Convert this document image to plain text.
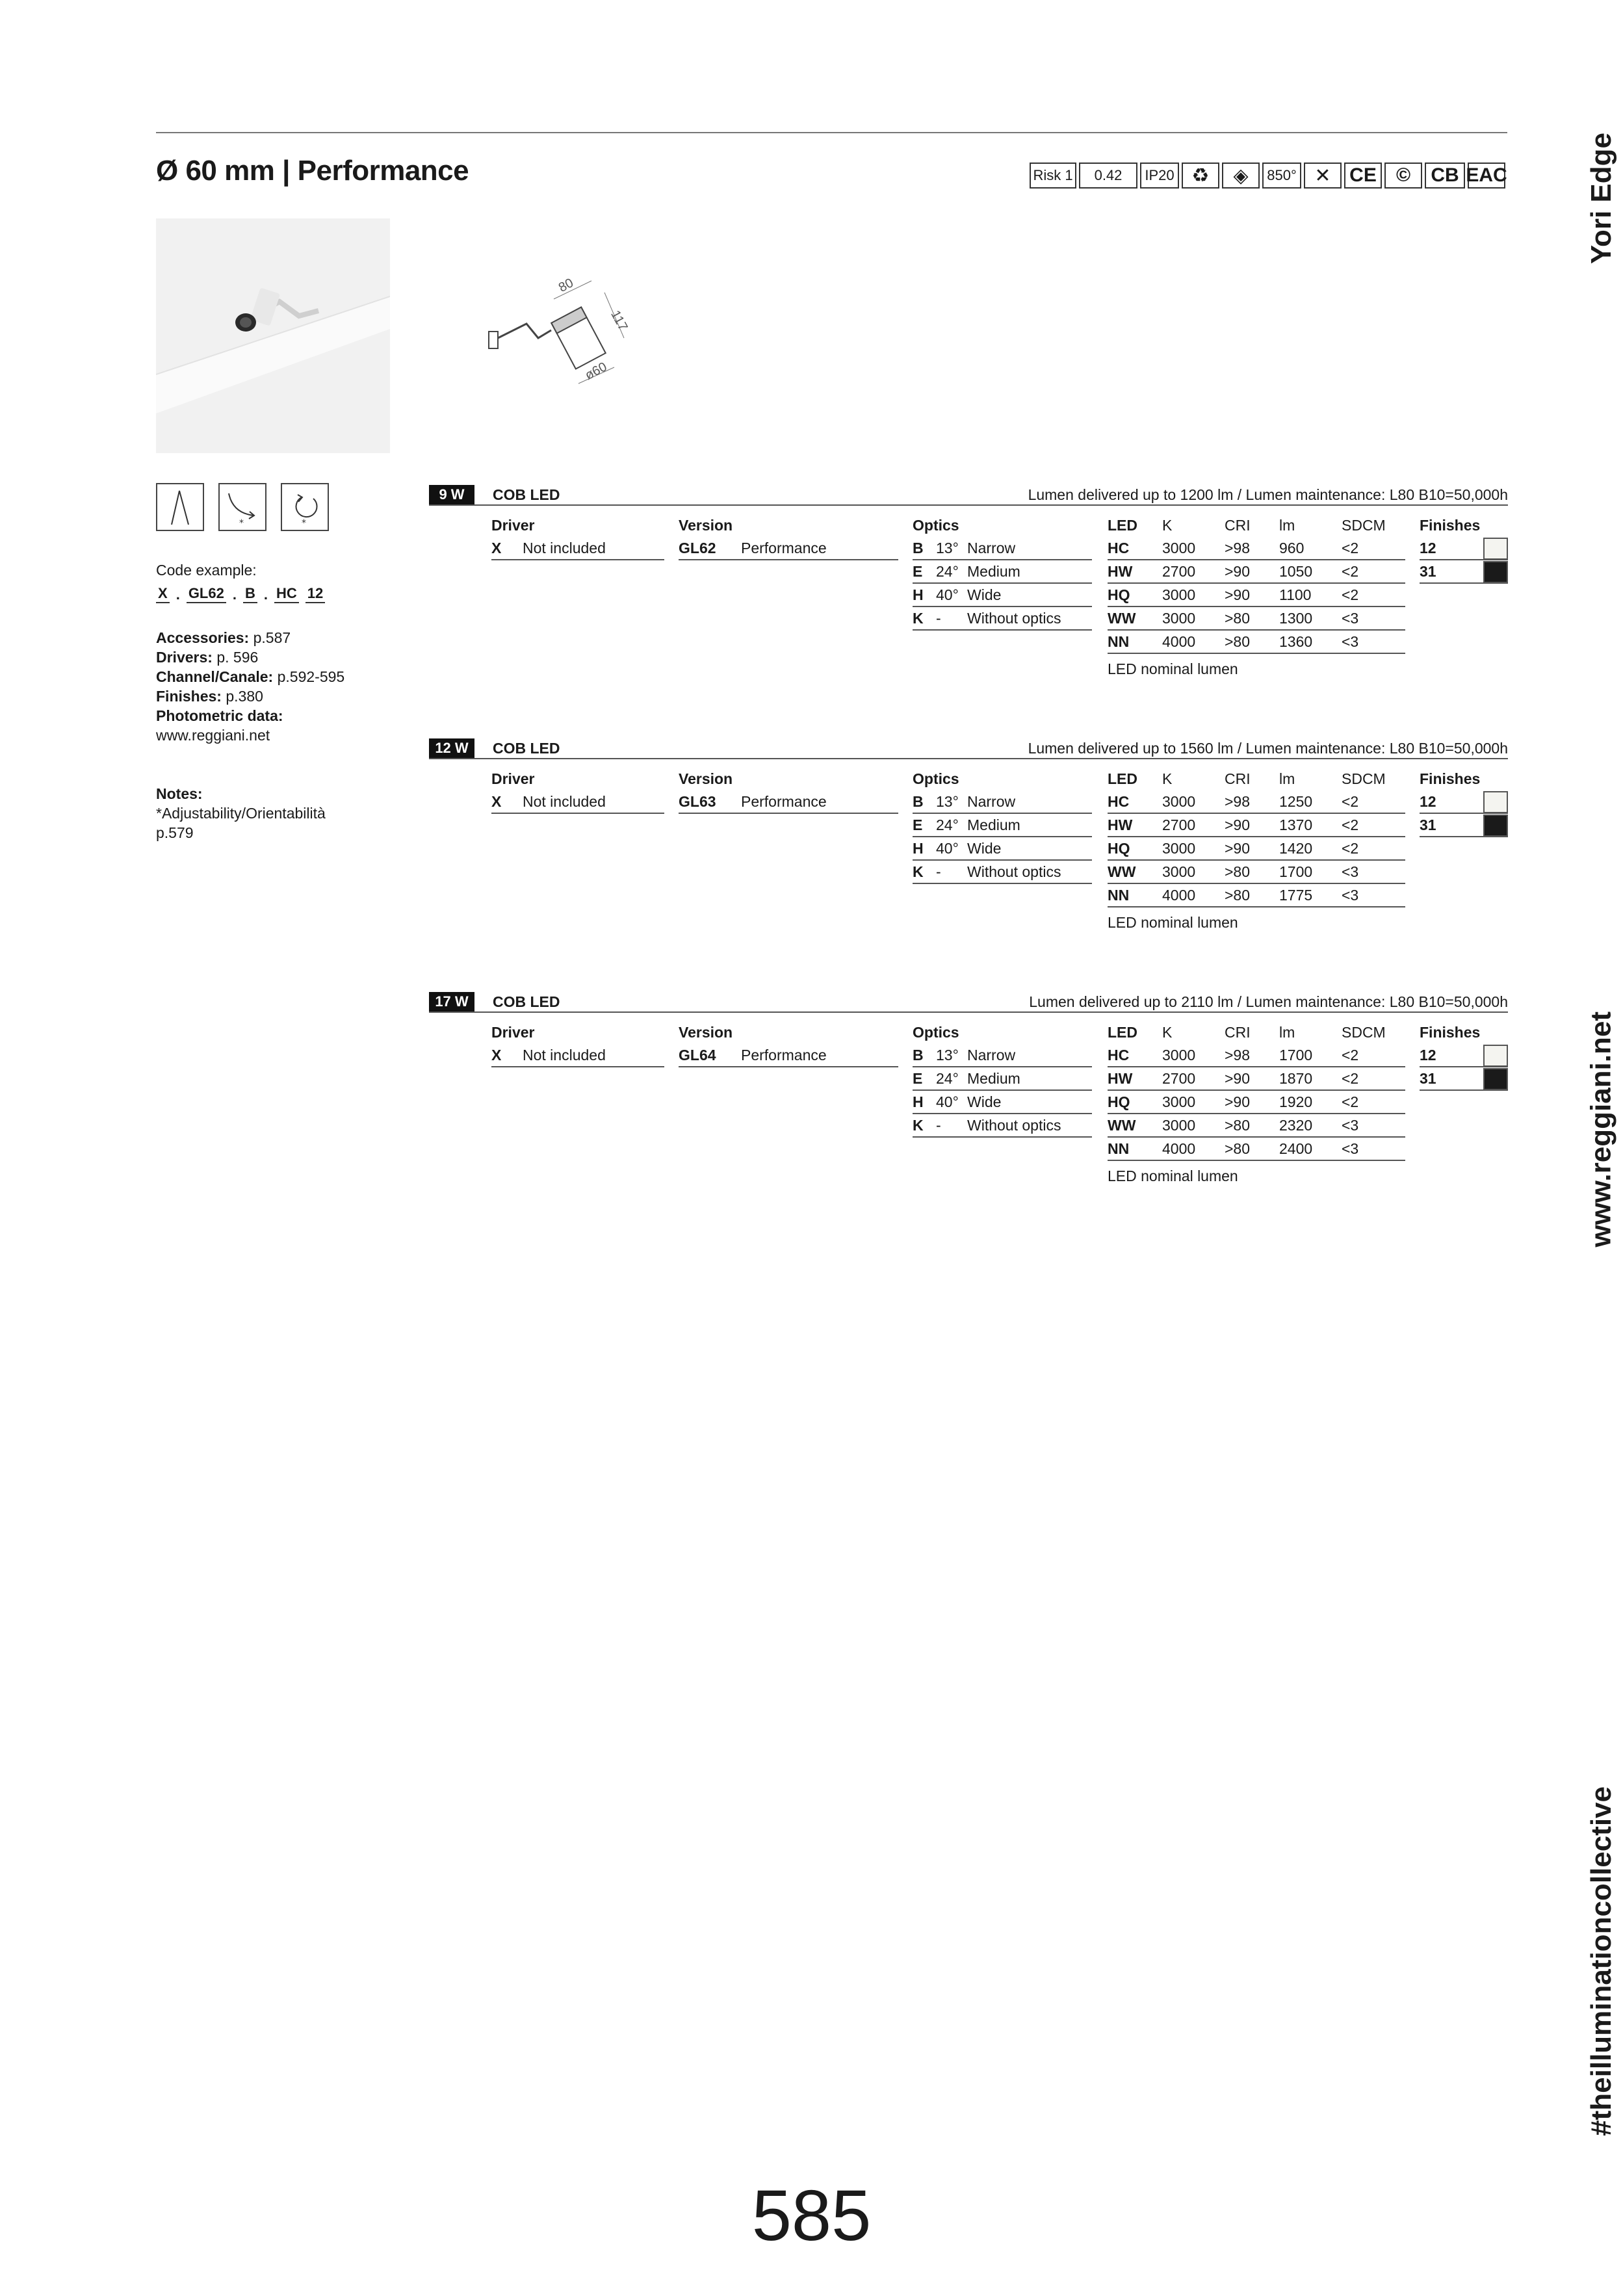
Ø 60 mm | Performance	Risk 1	0.42	IP20 ♻	◈	850° ✕ CE	©	CB EAC	Yori Edge
www.reggiani.net
#theilluminationcollective
80
117
ø60
*	*
Code example:
X . GL62 . B . HC 12
Accessories: p.587
Drivers: p. 596
Channel/Canale: p.592-595
Finishes: p.380
Photometric data:
www.reggiani.net
Notes:
*Adjustability/Orientabilità
p.579
9 W	COB LED	Lumen delivered up to 1200 lm / Lumen maintenance: L80 B10=50,000h
Driver
X Not included
Version
GL62 Performance
Optics
B 13° Narrow
E 24° Medium
H 40° Wide
K - Without optics
LED K	CRI lm	SDCM
HC 3000 >98 960	<2
HW 2700 >90 1050 <2
HQ 3000 >90 1100 <2
WW 3000 >80 1300 <3
NN 4000 >80 1360 <3
LED nominal lumen
Finishes
12
31
12 W	COB LED	Lumen delivered up to 1560 lm / Lumen maintenance: L80 B10=50,000h
Driver
X Not included
Version
GL63 Performance
Optics
B 13° Narrow
E 24° Medium
H 40° Wide
K - Without optics
LED K	CRI lm	SDCM
HC 3000 >98 1250 <2
HW 2700 >90 1370 <2
HQ 3000 >90 1420 <2
WW 3000 >80 1700 <3
NN 4000 >80 1775 <3
LED nominal lumen
Finishes
12
31
17 W	COB LED	Lumen delivered up to 2110 lm / Lumen maintenance: L80 B10=50,000h
Driver
X Not included
Version
GL64 Performance
Optics
B 13° Narrow
E 24° Medium
H 40° Wide
K - Without optics
LED K	CRI lm	SDCM
HC 3000 >98 1700 <2
HW 2700 >90 1870 <2
HQ 3000 >90 1920 <2
WW 3000 >80 2320 <3
NN 4000 >80 2400 <3
LED nominal lumen
Finishes
12
31
585
